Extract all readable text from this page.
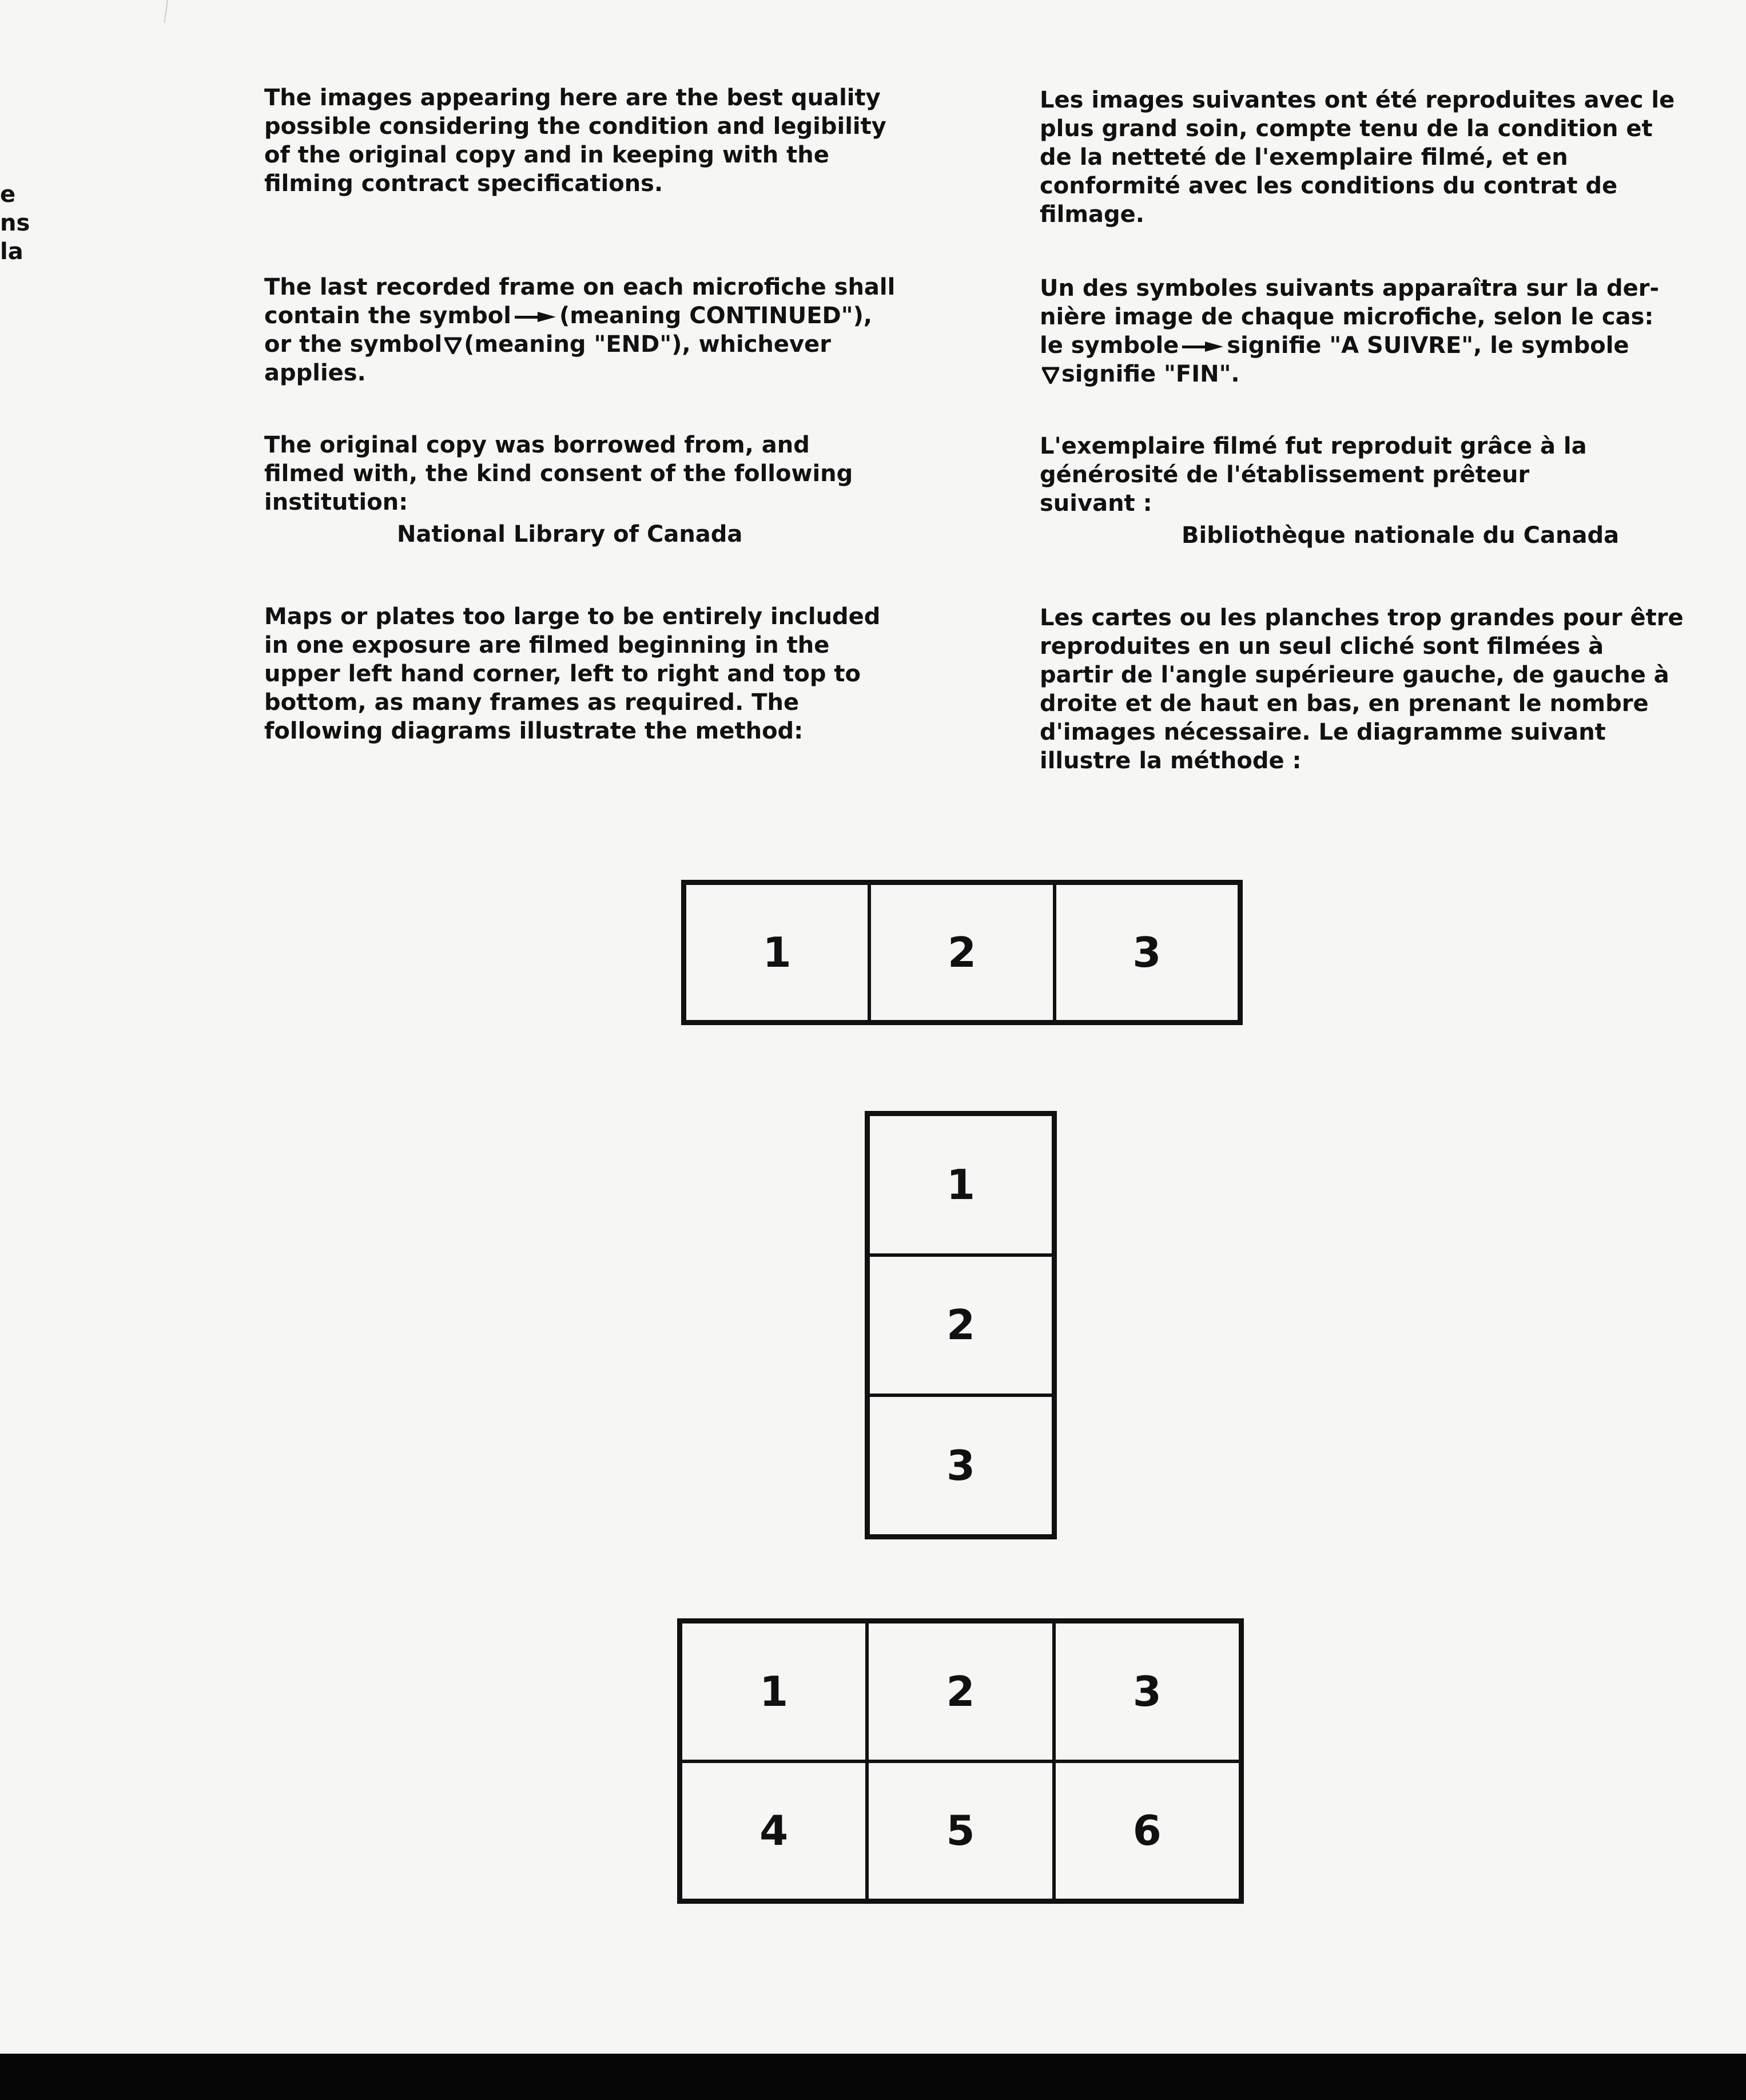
e
ns
la
The images appearing here are the best quality
possible considering the condition and legibility
of the original copy and in keeping with the
filming contract specifications.
The last recorded frame on each microfiche shall
contain the symbol (meaning CONTINUED"),
or the symbol (meaning "END"), whichever
applies.
The original copy was borrowed from, and
filmed with, the kind consent of the following
institution:
National Library of Canada
Maps or plates too large to be entirely included
in one exposure are filmed beginning in the
upper left hand corner, left to right and top to
bottom, as many frames as required. The
following diagrams illustrate the method:
Les images suivantes ont été reproduites avec le
plus grand soin, compte tenu de la condition et
de la netteté de l'exemplaire filmé, et en
conformité avec les conditions du contrat de
filmage.
Un des symboles suivants apparaîtra sur la der-
nière image de chaque microfiche, selon le cas:
le symbole signifie "A SUIVRE", le symbole
signifie "FIN".
L'exemplaire filmé fut reproduit grâce à la
générosité de l'établissement prêteur
suivant :
Bibliothèque nationale du Canada
Les cartes ou les planches trop grandes pour être
reproduites en un seul cliché sont filmées à
partir de l'angle supérieure gauche, de gauche à
droite et de haut en bas, en prenant le nombre
d'images nécessaire. Le diagramme suivant
illustre la méthode :
1	2	3
1
2
3
1	2	3
4	5	6
